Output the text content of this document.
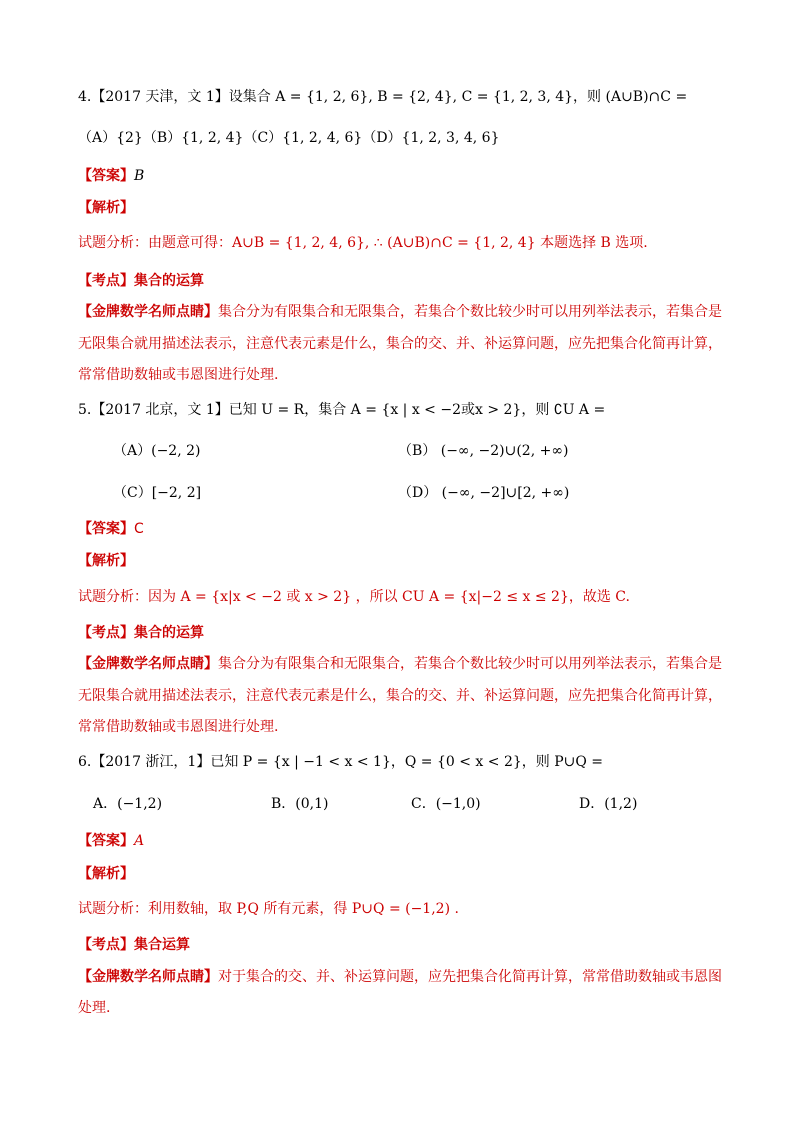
4.【2017 天津，文 1】设集合 A = {1, 2, 6}, B = {2, 4}, C = {1, 2, 3, 4}，则 (A∪B)∩C =
（A）{2}（B）{1, 2, 4}（C）{1, 2, 4, 6}（D）{1, 2, 3, 4, 6}
【答案】B
【解析】
试题分析：由题意可得：A∪B = {1, 2, 4, 6}, ∴ (A∪B)∩C = {1, 2, 4} 本题选择 B 选项.
【考点】集合的运算
【金牌数学名师点睛】集合分为有限集合和无限集合，若集合个数比较少时可以用列举法表示，若集合是
无限集合就用描述法表示，注意代表元素是什么，集合的交、并、补运算问题，应先把集合化简再计算，
常常借助数轴或韦恩图进行处理.
5.【2017 北京，文 1】已知 U = R，集合 A = {x | x < −2或x > 2}，则 ∁U A =
（A）(−2, 2)	（B） (−∞, −2)∪(2, +∞)
（C）[−2, 2]	（D） (−∞, −2]∪[2, +∞)
【答案】C
【解析】
试题分析：因为 A = {x|x < −2 或 x > 2} ，所以 CU A = {x|−2 ≤ x ≤ 2}，故选 C.
【考点】集合的运算
【金牌数学名师点睛】集合分为有限集合和无限集合，若集合个数比较少时可以用列举法表示，若集合是
无限集合就用描述法表示，注意代表元素是什么，集合的交、并、补运算问题，应先把集合化简再计算，
常常借助数轴或韦恩图进行处理.
6.【2017 浙江，1】已知 P = {x | −1 < x < 1}，Q = {0 < x < 2}，则 P∪Q =
A．(−1,2)	B．(0,1)	C．(−1,0)	D．(1,2)
【答案】A
【解析】
试题分析：利用数轴，取 P,Q 所有元素，得 P∪Q = (−1,2) .
【考点】集合运算
【金牌数学名师点睛】对于集合的交、并、补运算问题，应先把集合化简再计算，常常借助数轴或韦恩图
处理.
